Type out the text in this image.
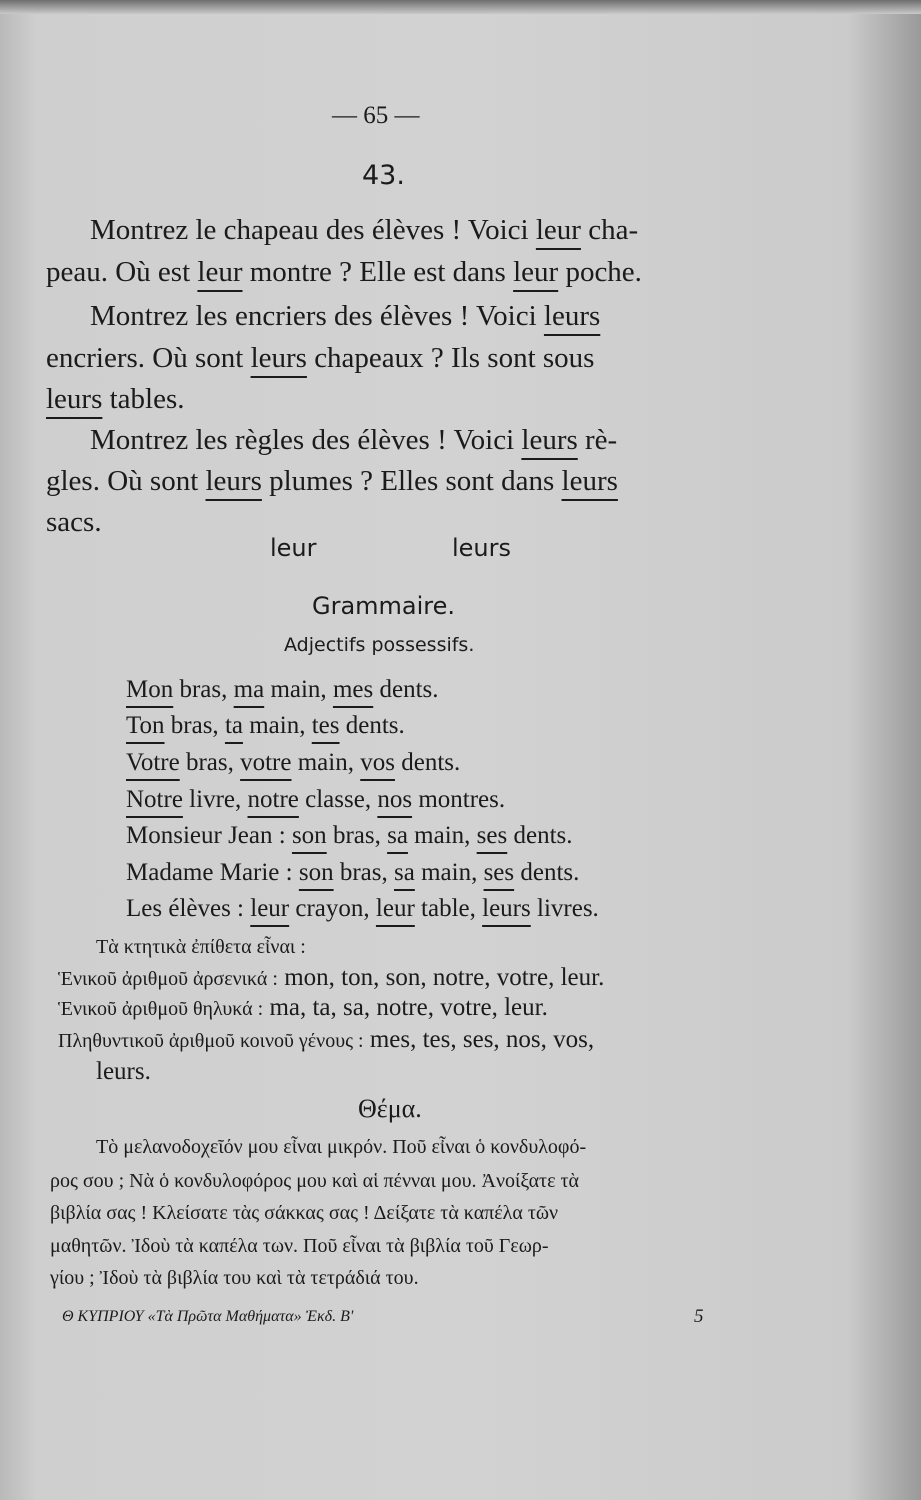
— 65 —
43.
Montrez le chapeau des élèves ! Voici leur cha-
peau. Où est leur montre ? Elle est dans leur poche.
Montrez les encriers des élèves ! Voici leurs
encriers. Où sont leurs chapeaux ? Ils sont sous
leurs tables.
Montrez les règles des élèves ! Voici leurs rè-
gles. Où sont leurs plumes ? Elles sont dans leurs
sacs.
leur	leurs
Grammaire.
Adjectifs possessifs.
Mon bras, ma main, mes dents.
Ton bras, ta main, tes dents.
Votre bras, votre main, vos dents.
Notre livre, notre classe, nos montres.
Monsieur Jean : son bras, sa main, ses dents.
Madame Marie : son bras, sa main, ses dents.
Les élèves : leur crayon, leur table, leurs livres.
Τὰ κτητικὰ ἐπίθετα εἶναι :
Ἑνικοῦ ἀριθμοῦ ἀρσενικά : mon, ton, son, notre, votre, leur.
Ἑνικοῦ ἀριθμοῦ θηλυκά : ma, ta, sa, notre, votre, leur.
Πληθυντικοῦ ἀριθμοῦ κοινοῦ γένους : mes, tes, ses, nos, vos,
leurs.
Θέμα.
Τὸ μελανοδοχεῖόν μου εἶναι μικρόν. Ποῦ εἶναι ὁ κονδυλοφό-
ρος σου ; Νὰ ὁ κονδυλοφόρος μου καὶ αἱ πένναι μου. Ἀνοίξατε τὰ
βιβλία σας ! Κλείσατε τὰς σάκκας σας ! Δείξατε τὰ καπέλα τῶν
μαθητῶν. Ἰδοὺ τὰ καπέλα των. Ποῦ εἶναι τὰ βιβλία τοῦ Γεωρ-
γίου ; Ἰδοὺ τὰ βιβλία του καὶ τὰ τετράδιά του.
Θ ΚΥΠΡΙΟΥ «Τὰ Πρῶτα Μαθήματα» Ἐκδ. Β'	5
